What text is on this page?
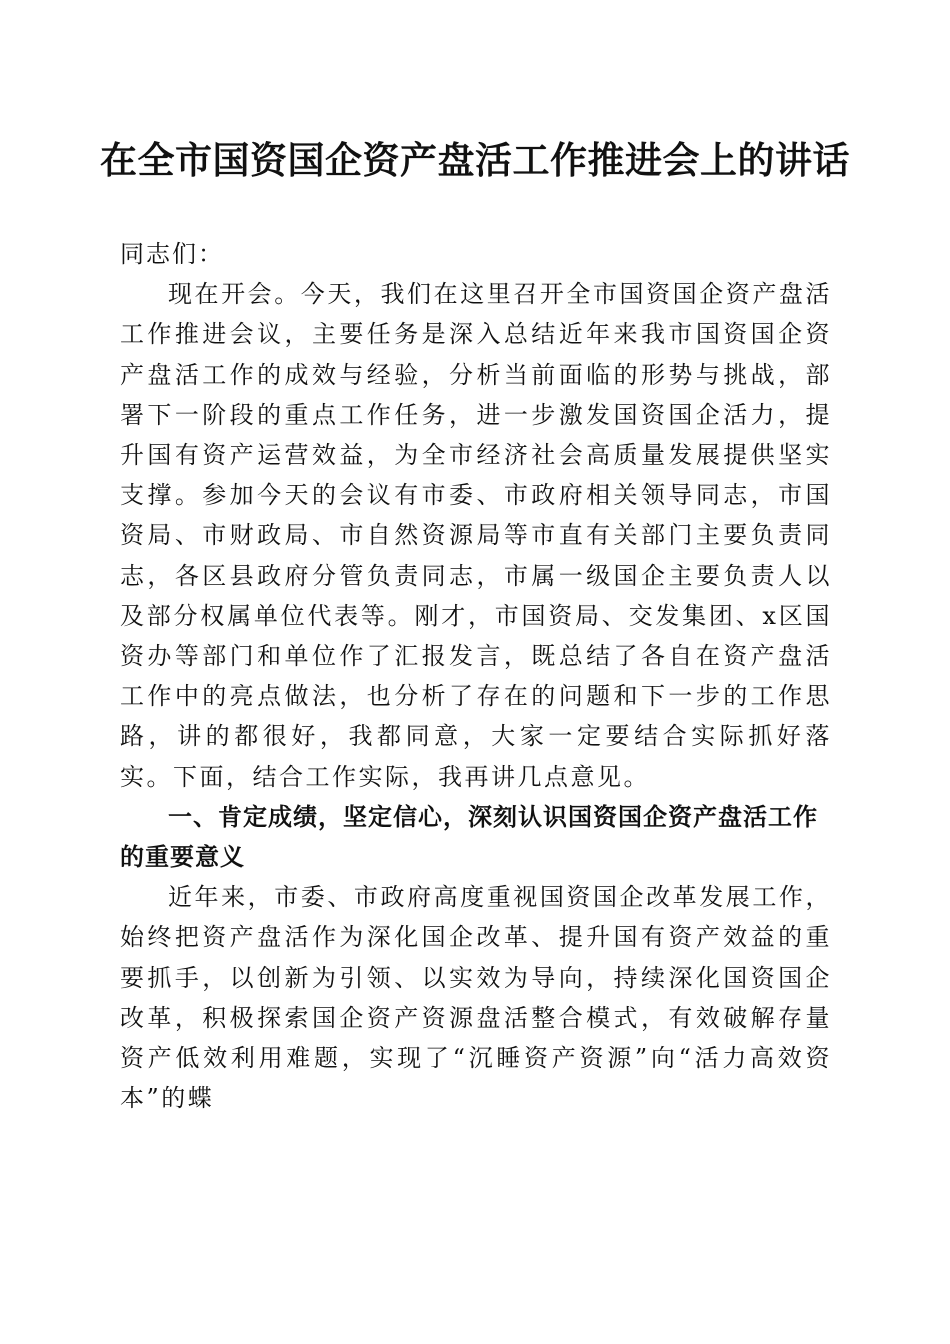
在全市国资国企资产盘活工作推进会上的讲话

同志们：

现在开会。今天，我们在这里召开全市国资国企资产盘活工作推进会议，主要任务是深入总结近年来我市国资国企资产盘活工作的成效与经验，分析当前面临的形势与挑战，部署下一阶段的重点工作任务，进一步激发国资国企活力，提升国有资产运营效益，为全市经济社会高质量发展提供坚实支撑。参加今天的会议有市委、市政府相关领导同志，市国资局、市财政局、市自然资源局等市直有关部门主要负责同志，各区县政府分管负责同志，市属一级国企主要负责人以及部分权属单位代表等。刚才，市国资局、交发集团、x区国资办等部门和单位作了汇报发言，既总结了各自在资产盘活工作中的亮点做法，也分析了存在的问题和下一步的工作思路，讲的都很好，我都同意，大家一定要结合实际抓好落实。下面，结合工作实际，我再讲几点意见。

一、肯定成绩，坚定信心，深刻认识国资国企资产盘活工作的重要意义

近年来，市委、市政府高度重视国资国企改革发展工作，始终把资产盘活作为深化国企改革、提升国有资产效益的重要抓手，以创新为引领、以实效为导向，持续深化国资国企改革，积极探索国企资产资源盘活整合模式，有效破解存量资产低效利用难题，实现了“沉睡资产资源”向“活力高效资本”的蝶
